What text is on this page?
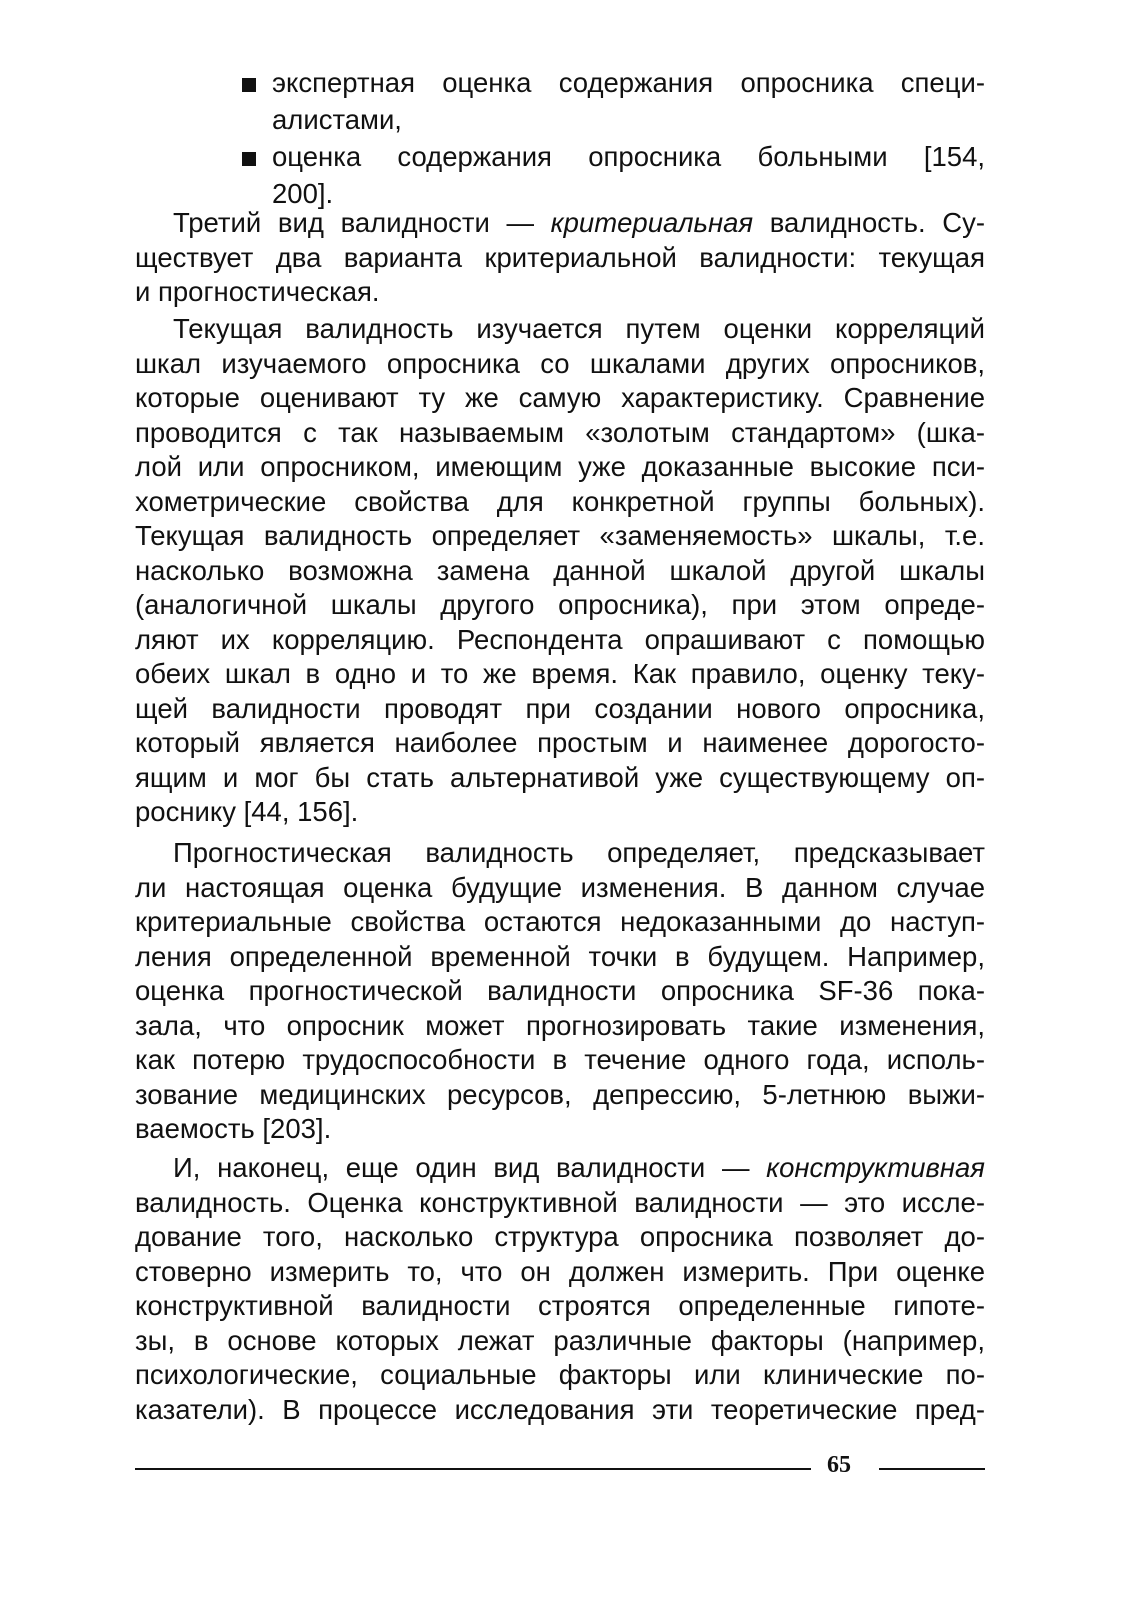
экспертная оценка содержания опросника специ-
алистами,
оценка содержания опросника больными [154,
200].
Третий вид валидности — критериальная валидность. Су-
ществует два варианта критериальной валидности: текущая
и прогностическая.
Текущая валидность изучается путем оценки корреляций
шкал изучаемого опросника со шкалами других опросников,
которые оценивают ту же самую характеристику. Сравнение
проводится с так называемым «золотым стандартом» (шка-
лой или опросником, имеющим уже доказанные высокие пси-
хометрические свойства для конкретной группы больных).
Текущая валидность определяет «заменяемость» шкалы, т.е.
насколько возможна замена данной шкалой другой шкалы
(аналогичной шкалы другого опросника), при этом опреде-
ляют их корреляцию. Респондента опрашивают с помощью
обеих шкал в одно и то же время. Как правило, оценку теку-
щей валидности проводят при создании нового опросника,
который является наиболее простым и наименее дорогосто-
ящим и мог бы стать альтернативой уже существующему оп-
роснику [44, 156].
Прогностическая валидность определяет, предсказывает
ли настоящая оценка будущие изменения. В данном случае
критериальные свойства остаются недоказанными до наступ-
ления определенной временной точки в будущем. Например,
оценка прогностической валидности опросника SF-36 пока-
зала, что опросник может прогнозировать такие изменения,
как потерю трудоспособности в течение одного года, исполь-
зование медицинских ресурсов, депрессию, 5-летнюю выжи-
ваемость [203].
И, наконец, еще один вид валидности — конструктивная
валидность. Оценка конструктивной валидности — это иссле-
дование того, насколько структура опросника позволяет до-
стоверно измерить то, что он должен измерить. При оценке
конструктивной валидности строятся определенные гипоте-
зы, в основе которых лежат различные факторы (например,
психологические, социальные факторы или клинические по-
казатели). В процессе исследования эти теоретические пред-
65
